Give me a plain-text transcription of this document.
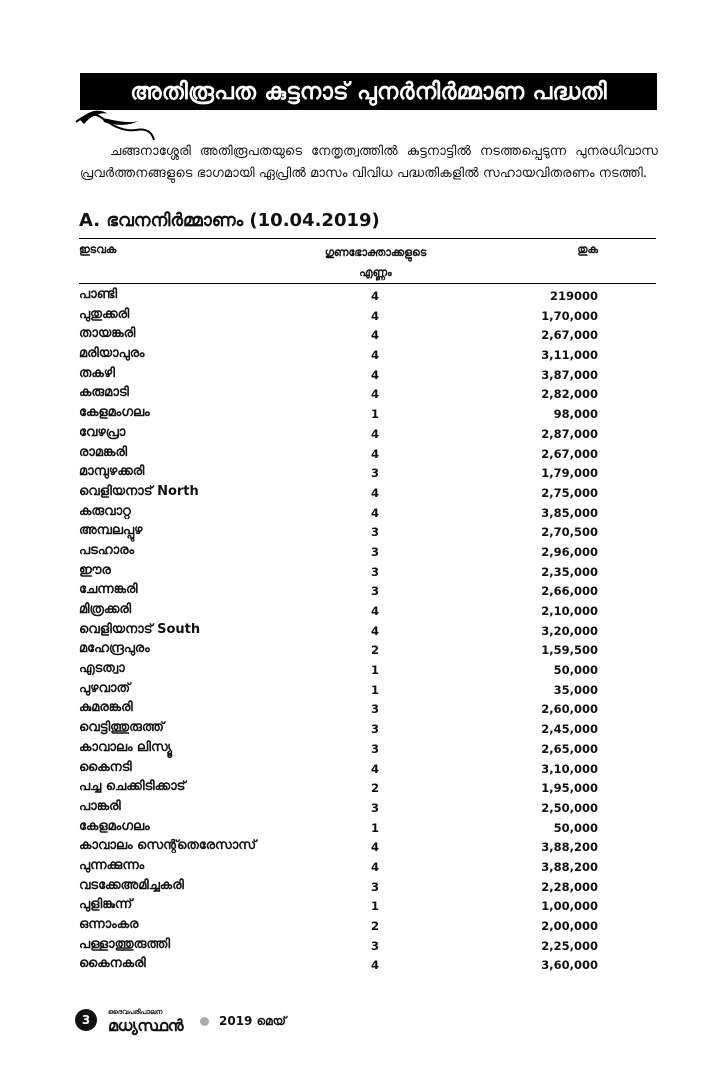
അതിരൂപത കുട്ടനാട് പുനർനിർമ്മാണ പദ്ധതി

ചങ്ങനാശ്ശേരി അതിരൂപതയുടെ നേതൃത്വത്തിൽ കുട്ടനാട്ടിൽ നടത്തപ്പെടുന്ന പുനരധിവാസ പ്രവർത്തനങ്ങളുടെ ഭാഗമായി ഏപ്രിൽ മാസം വിവിധ പദ്ധതികളിൽ സഹായവിതരണം നടത്തി.

A. ഭവനനിർമ്മാണം (10.04.2019)
ഇടവക	ഗുണഭോക്താക്കളുടെ
എണ്ണം
തുക
പാണ്ടി	4	219000
പുതുക്കരി	4	1,70,000
തായങ്കരി	4	2,67,000
മരിയാപുരം	4	3,11,000
തകഴി	4	3,87,000
കരുമാടി	4	2,82,000
കേളമംഗലം	1	98,000
വേഴപ്രാ	4	2,87,000
രാമങ്കരി	4	2,67,000
മാമ്പുഴക്കരി	3	1,79,000
വെളിയനാട് North	4	2,75,000
കരുവാറ്റ	4	3,85,000
അമ്പലപ്പുഴ	3	2,70,500
പടഹാരം	3	2,96,000
ഈര	3	2,35,000
ചേന്നങ്കരി	3	2,66,000
മിത്രക്കരി	4	2,10,000
വെളിയനാട് South	4	3,20,000
മഹേന്ദ്രപുരം	2	1,59,500
എടത്വാ	1	50,000
പുഴവാത്	1	35,000
കുമരങ്കരി	3	2,60,000
വെട്ടിത്തുരുത്ത്	3	2,45,000
കാവാലം ലിസ്യൂ	3	2,65,000
കൈനടി	4	3,10,000
പച്ച ചെക്കിടിക്കാട്	2	1,95,000
പാങ്കരി	3	2,50,000
കേളമംഗലം	1	50,000
കാവാലം സെന്റ്തെരേസാസ്	4	3,88,200
പുന്നക്കുന്നം	4	3,88,200
വടക്കേഅമിച്ചകരി	3	2,28,000
പുളിങ്കുന്ന്	1	1,00,000
ഒന്നാംകര	2	2,00,000
പള്ളാത്തുരുത്തി	3	2,25,000
കൈനകരി	4	3,60,000
3
ദൈവപരിപാലന
മധ്യസ്ഥൻ	2019 മെയ്
